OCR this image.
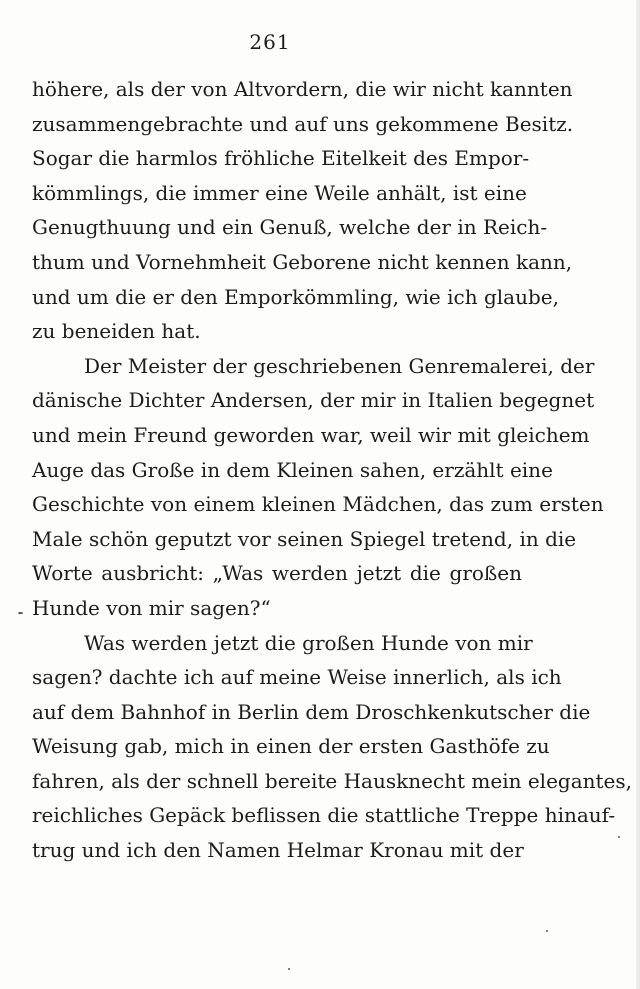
261
höhere, als der von Altvordern, die wir nicht kannten
zusammengebrachte und auf uns gekommene Besitz.
Sogar die harmlos fröhliche Eitelkeit des Empor-
kömmlings, die immer eine Weile anhält, ist eine
Genugthuung und ein Genuß, welche der in Reich-
thum und Vornehmheit Geborene nicht kennen kann,
und um die er den Emporkömmling, wie ich glaube,
zu beneiden hat.
Der Meister der geschriebenen Genremalerei, der
dänische Dichter Andersen, der mir in Italien begegnet
und mein Freund geworden war, weil wir mit gleichem
Auge das Große in dem Kleinen sahen, erzählt eine
Geschichte von einem kleinen Mädchen, das zum ersten
Male schön geputzt vor seinen Spiegel tretend, in die
Worte ausbricht: „Was werden jetzt die großen
Hunde von mir sagen?“
Was werden jetzt die großen Hunde von mir
sagen? dachte ich auf meine Weise innerlich, als ich
auf dem Bahnhof in Berlin dem Droschkenkutscher die
Weisung gab, mich in einen der ersten Gasthöfe zu
fahren, als der schnell bereite Hausknecht mein elegantes,
reichliches Gepäck beflissen die stattliche Treppe hinauf-
trug und ich den Namen Helmar Kronau mit der
